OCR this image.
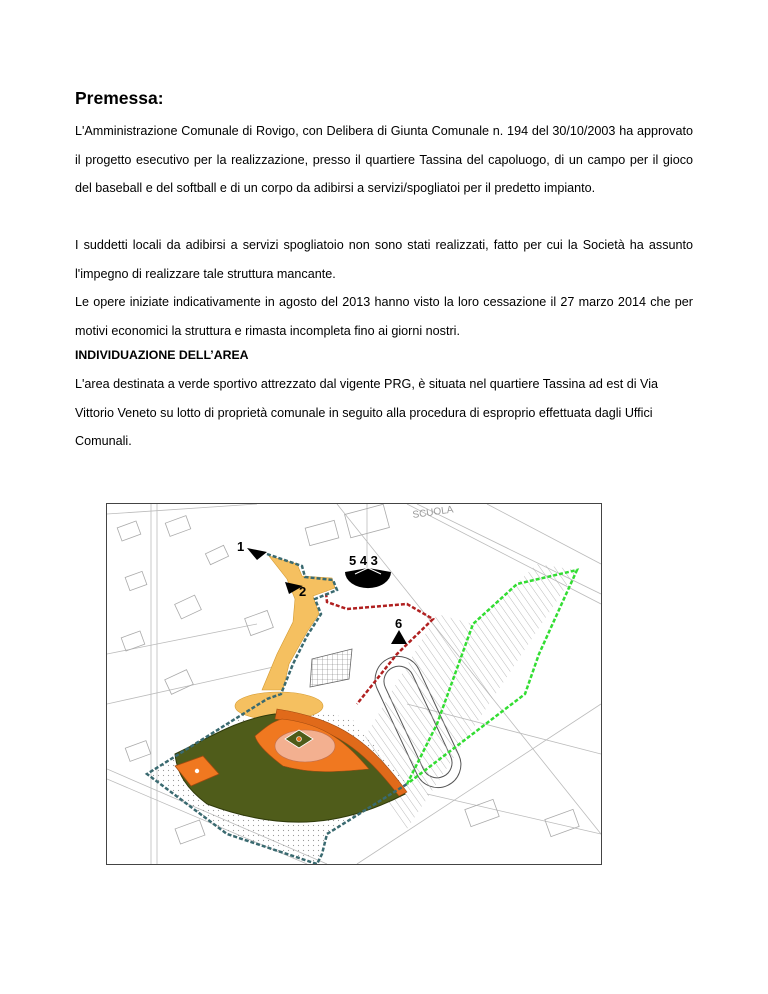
Premessa:

L'Amministrazione Comunale di Rovigo, con Delibera di Giunta Comunale n. 194 del 30/10/2003 ha approvato il progetto esecutivo per la realizzazione, presso il quartiere Tassina del capoluogo, di un campo per il gioco del baseball e del softball e di un corpo da adibirsi a servizi/spogliatoi per il predetto impianto.

I suddetti locali da adibirsi a servizi spogliatoio non sono stati realizzati, fatto per cui la Società ha assunto l'impegno di realizzare tale struttura mancante.

Le opere iniziate indicativamente in agosto del 2013 hanno visto la loro cessazione il 27 marzo 2014 che per motivi economici la struttura e rimasta incompleta fino ai giorni nostri.

INDIVIDUAZIONE DELL’AREA

L'area destinata a verde sportivo attrezzato dal vigente PRG, è situata nel quartiere Tassina ad est di Via Vittorio Veneto su lotto di proprietà comunale in seguito alla procedura di esproprio effettuata dagli Uffici Comunali.

SCUOLA
1
2
5 4 3
6
